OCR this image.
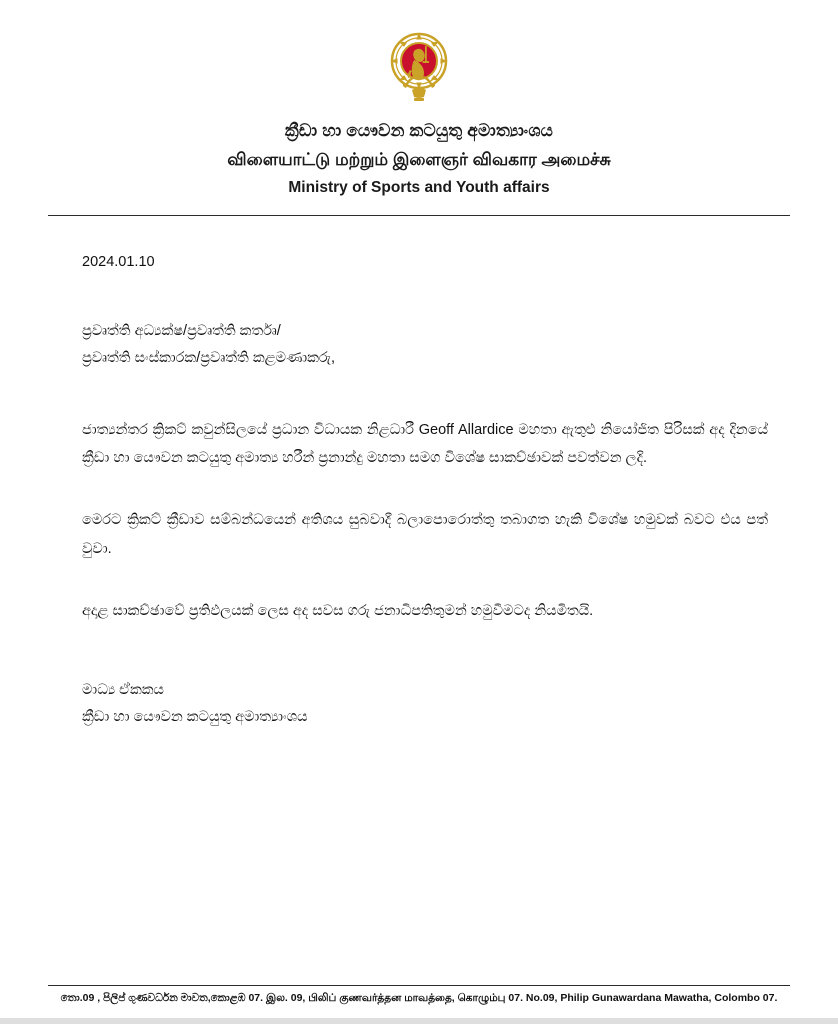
ක්‍රීඩා හා යෞවන කටයුතු අමාත්‍යාංශය
விளையாட்டு மற்றும் இளைஞர் விவகார அமைச்சு
Ministry of Sports and Youth affairs
2024.01.10
ප්‍රවෘත්ති අධ්‍යක්ෂ/ප්‍රවෘත්ති කර්තෘ/
ප්‍රවෘත්ති සංස්කාරක/ප්‍රවෘත්ති කළමණාකරු,
ජාත්‍යන්තර ක්‍රිකට් කවුන්සිලයේ ප්‍රධාන විධායක නිළධාරී Geoff Allardice මහතා ඇතුළු නියෝජිත පිරිසක් අද දිනයේ ක්‍රීඩා හා යෞවන කටයුතු අමාත්‍ය හරීන් ප්‍රනාන්දු මහතා සමග විශේෂ සාකච්ඡාවක් පවත්වන ලදි.
මෙරට ක්‍රිකට් ක්‍රීඩාව සම්බන්ධයෙන් අතිශය සුබවාදී බලාපොරොත්තු තබාගත හැකි විශේෂ හමුවක් බවට එය පත් වුවා.
අදාළ සාකච්ඡාවේ ප්‍රතිඵලයක් ලෙස අද සවස ගරු ජනාධිපතිතුමන් හමුවීමටද නියමිතයි.
මාධ්‍ය ඒකකය
ක්‍රීඩා හා යෞවන කටයුතු අමාත්‍යාංශය
තො.09 , පිලිප් ගුණවර්ධන මාවත,කොළඹ 07. இல. 09, பிலிப் குணவர்த்தன மாவத்தை, கொழும்பு 07. No.09, Philip Gunawardana Mawatha, Colombo 07.
